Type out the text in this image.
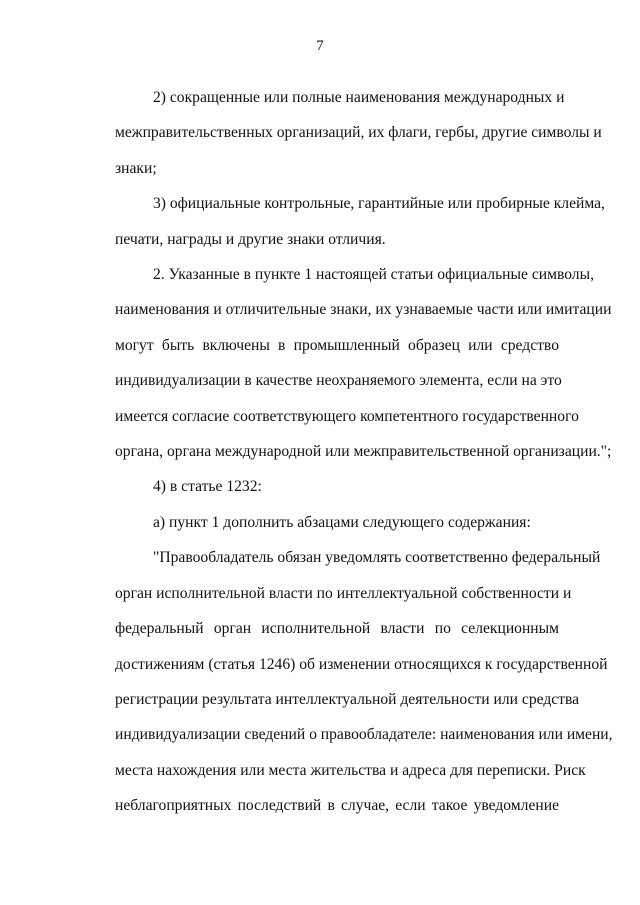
7
2) сокращенные или полные наименования международных и
межправительственных организаций, их флаги, гербы, другие символы и
знаки;
3) официальные контрольные, гарантийные или пробирные клейма,
печати, награды и другие знаки отличия.
2. Указанные в пункте 1 настоящей статьи официальные символы,
наименования и отличительные знаки, их узнаваемые части или имитации
могут быть включены в промышленный образец или средство
индивидуализации в качестве неохраняемого элемента, если на это
имеется согласие соответствующего компетентного государственного
органа, органа международной или межправительственной организации.";
4) в статье 1232:
а) пункт 1 дополнить абзацами следующего содержания:
"Правообладатель обязан уведомлять соответственно федеральный
орган исполнительной власти по интеллектуальной собственности и
федеральный орган исполнительной власти по селекционным
достижениям (статья 1246) об изменении относящихся к государственной
регистрации результата интеллектуальной деятельности или средства
индивидуализации сведений о правообладателе: наименования или имени,
места нахождения или места жительства и адреса для переписки. Риск
неблагоприятных последствий в случае, если такое уведомление
